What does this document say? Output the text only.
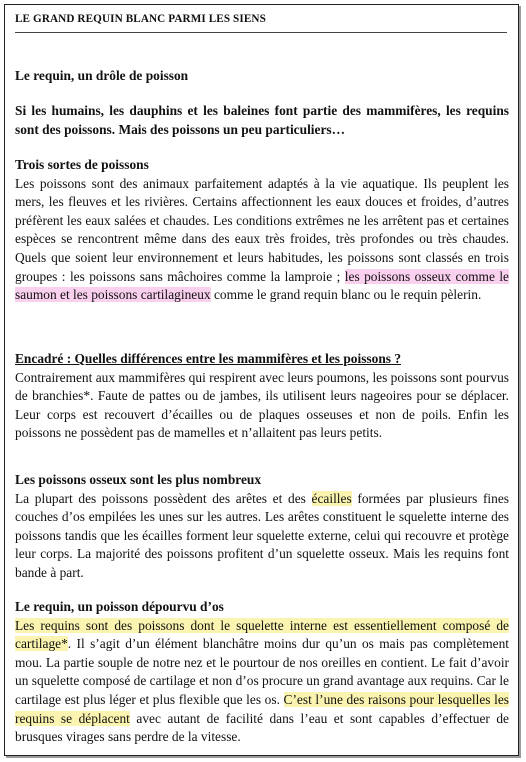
LE GRAND REQUIN BLANC PARMI LES SIENS
Le requin, un drôle de poisson
Si les humains, les dauphins et les baleines font partie des mammifères, les requins sont des poissons. Mais des poissons un peu particuliers…
Trois sortes de poissons
Les poissons sont des animaux parfaitement adaptés à la vie aquatique. Ils peuplent les mers, les fleuves et les rivières. Certains affectionnent les eaux douces et froides, d’autres préfèrent les eaux salées et chaudes. Les conditions extrêmes ne les arrêtent pas et certaines espèces se rencontrent même dans des eaux très froides, très profondes ou très chaudes. Quels que soient leur environnement et leurs habitudes, les poissons sont classés en trois groupes : les poissons sans mâchoires comme la lamproie ; les poissons osseux comme le saumon et les poissons cartilagineux comme le grand requin blanc ou le requin pèlerin.
Encadré : Quelles différences entre les mammifères et les poissons ?
Contrairement aux mammifères qui respirent avec leurs poumons, les poissons sont pourvus de branchies*. Faute de pattes ou de jambes, ils utilisent leurs nageoires pour se déplacer. Leur corps est recouvert d’écailles ou de plaques osseuses et non de poils. Enfin les poissons ne possèdent pas de mamelles et n’allaitent pas leurs petits.
Les poissons osseux sont les plus nombreux
La plupart des poissons possèdent des arêtes et des écailles formées par plusieurs fines couches d’os empilées les unes sur les autres. Les arêtes constituent le squelette interne des poissons tandis que les écailles forment leur squelette externe, celui qui recouvre et protège leur corps. La majorité des poissons profitent d’un squelette osseux. Mais les requins font bande à part.
Le requin, un poisson dépourvu d’os
Les requins sont des poissons dont le squelette interne est essentiellement composé de cartilage*. Il s’agit d’un élément blanchâtre moins dur qu’un os mais pas complètement mou. La partie souple de notre nez et le pourtour de nos oreilles en contient. Le fait d’avoir un squelette composé de cartilage et non d’os procure un grand avantage aux requins. Car le cartilage est plus léger et plus flexible que les os. C’est l’une des raisons pour lesquelles les requins se déplacent avec autant de facilité dans l’eau et sont capables d’effectuer de brusques virages sans perdre de la vitesse.
